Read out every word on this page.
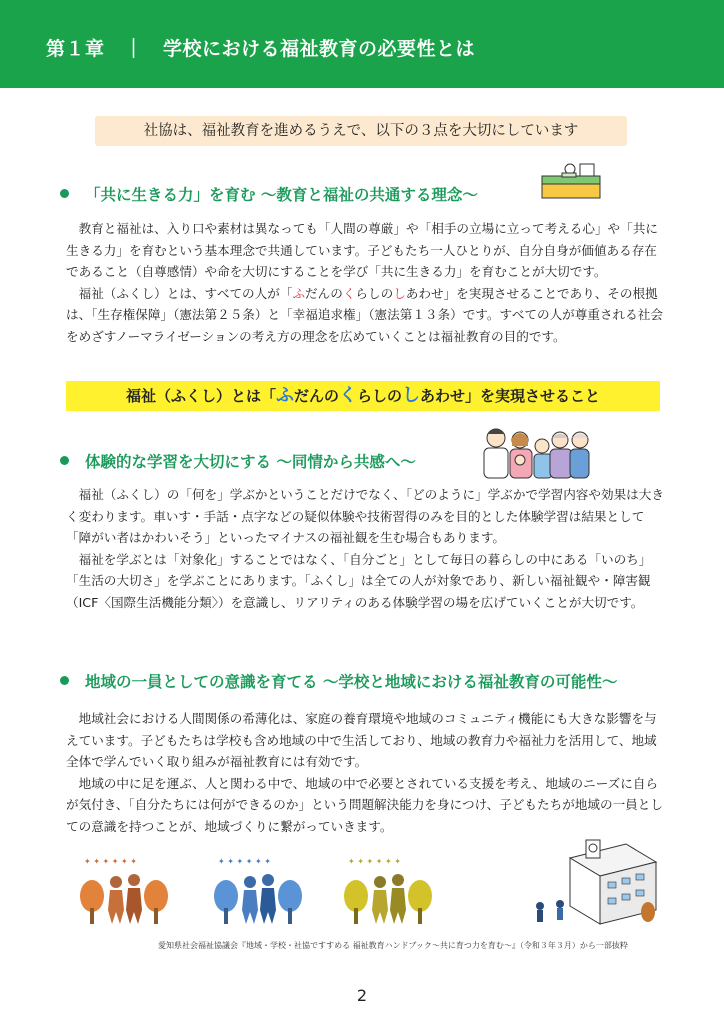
第１章　｜　学校における福祉教育の必要性とは
社協は、福祉教育を進めるうえで、以下の３点を大切にしています
「共に生きる力」を育む ～教育と福祉の共通する理念～

教育と福祉は、入り口や素材は異なっても「人間の尊厳」や「相手の立場に立って考える心」や「共に生きる力」を育むという基本理念で共通しています。子どもたち一人ひとりが、自分自身が価値ある存在であること（自尊感情）や命を大切にすることを学び「共に生きる力」を育むことが大切です。

福祉（ふくし）とは、すべての人が「ふだんのくらしのしあわせ」を実現させることであり、その根拠は、「生存権保障」（憲法第２５条）と「幸福追求権」（憲法第１３条）です。すべての人が尊重される社会をめざすノーマライゼーションの考え方の理念を広めていくことは福祉教育の目的です。

福祉（ふくし）とは「ふだんのくらしのしあわせ」を実現させること
体験的な学習を大切にする ～同情から共感へ～

福祉（ふくし）の「何を」学ぶかということだけでなく、「どのように」学ぶかで学習内容や効果は大きく変わります。車いす・手話・点字などの疑似体験や技術習得のみを目的とした体験学習は結果として「障がい者はかわいそう」といったマイナスの福祉観を生む場合もあります。

福祉を学ぶとは「対象化」することではなく、「自分ごと」として毎日の暮らしの中にある「いのち」「生活の大切さ」を学ぶことにあります。「ふくし」は全ての人が対象であり、新しい福祉観や・障害観（ICF〈国際生活機能分類〉）を意識し、リアリティのある体験学習の場を広げていくことが大切です。

地域の一員としての意識を育てる ～学校と地域における福祉教育の可能性～

地域社会における人間関係の希薄化は、家庭の養育環境や地域のコミュニティ機能にも大きな影響を与えています。子どもたちは学校も含め地域の中で生活しており、地域の教育力や福祉力を活用して、地域全体で学んでいく取り組みが福祉教育には有効です。

地域の中に足を運ぶ、人と関わる中で、地域の中で必要とされている支援を考え、地域のニーズに自らが気付き、「自分たちには何ができるのか」という問題解決能力を身につけ、子どもたちが地域の一員としての意識を持つことが、地域づくりに繋がっていきます。

✦ ✦ ✦ ✦ ✦ ✦	✦ ✦ ✦ ✦ ✦ ✦	✦ ✦ ✦ ✦ ✦ ✦
愛知県社会福祉協議会『地域・学校・社協ですすめる 福祉教育ハンドブック～共に育つ力を育む～』（令和３年３月）から一部抜粋
2
